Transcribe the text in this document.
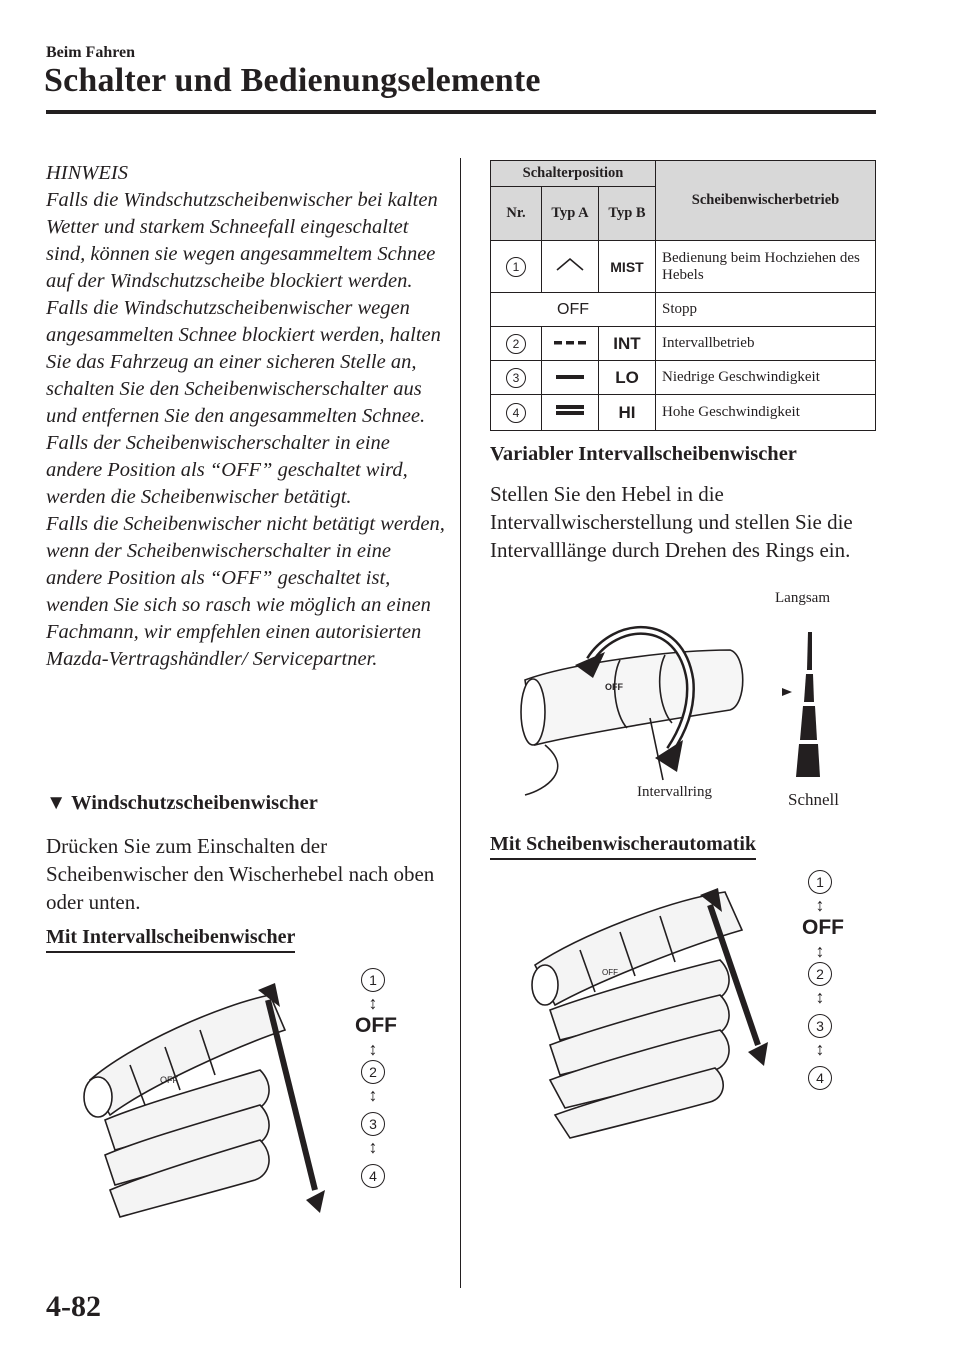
Beim Fahren
Schalter und Bedienungselemente

HINWEIS

Falls die Windschutzscheibenwischer bei kalten Wetter und starkem Schneefall eingeschaltet sind, können sie wegen angesammeltem Schnee auf der Windschutzscheibe blockiert werden. Falls die Windschutzscheibenwischer wegen angesammelten Schnee blockiert werden, halten Sie das Fahrzeug an einer sicheren Stelle an, schalten Sie den Scheibenwischerschalter aus und entfernen Sie den angesammelten Schnee. Falls der Scheibenwischerschalter in eine andere Position als “OFF” geschaltet wird, werden die Scheibenwischer betätigt.

Falls die Scheibenwischer nicht betätigt werden, wenn der Scheibenwischerschalter in eine andere Position als “OFF” geschaltet ist, wenden Sie sich so rasch wie möglich an einen Fachmann, wir empfehlen einen autorisierten Mazda-Vertragshändler/ Servicepartner.

▼ Windschutzscheibenwischer
Drücken Sie zum Einschalten der Scheibenwischer den Wischerhebel nach oben oder unten.
Mit Intervallscheibenwischer
OFF
1
↕
OFF
↕
2
↕
3
↕
4
Schalterposition			Scheibenwischerbetrieb
Nr.	Typ A	Typ B	
1		MIST	Bedienung beim Hochziehen des Hebels
OFF			Stopp
2		INT	Intervallbetrieb
3		LO	Niedrige Geschwindigkeit
4		HI	Hohe Geschwindigkeit
Variabler Intervallscheibenwischer
Stellen Sie den Hebel in die Intervallwischerstellung und stellen Sie die Intervalllänge durch Drehen des Rings ein.
OFF
Langsam
Intervallring	Schnell
Mit Scheibenwischerautomatik
OFF
1
↕
OFF
↕
2
↕
3
↕
4
4-82
